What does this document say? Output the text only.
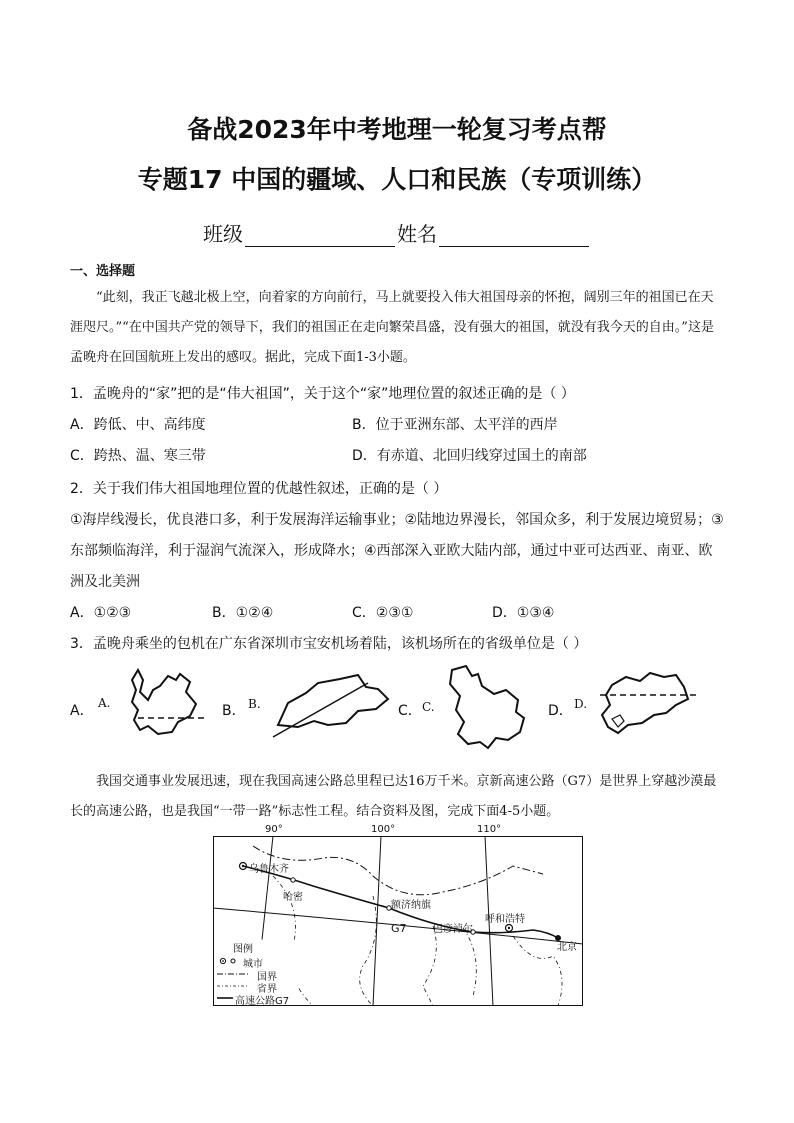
备战2023年中考地理一轮复习考点帮
专题17 中国的疆域、人口和民族（专项训练）
班级	姓名
一、选择题
“此刻，我正飞越北极上空，向着家的方向前行，马上就要投入伟大祖国母亲的怀抱，阔别三年的祖国已在天涯咫尺。”“在中国共产党的领导下，我们的祖国正在走向繁荣昌盛，没有强大的祖国，就没有我今天的自由。”这是孟晚舟在回国航班上发出的感叹。据此，完成下面1-3小题。
1．孟晚舟的“家”把的是“伟大祖国”，关于这个“家”地理位置的叙述正确的是（ ）
A．跨低、中、高纬度	B．位于亚洲东部、太平洋的西岸
C．跨热、温、寒三带	D．有赤道、北回归线穿过国土的南部
2．关于我们伟大祖国地理位置的优越性叙述，正确的是（ ）
①海岸线漫长，优良港口多，利于发展海洋运输事业；②陆地边界漫长，邻国众多，利于发展边境贸易；③
东部频临海洋，利于湿润气流深入，形成降水；④西部深入亚欧大陆内部，通过中亚可达西亚、南亚、欧
洲及北美洲
A．①②③	B．①②④	C．②③①	D．①③④
3．孟晚舟乘坐的包机在广东省深圳市宝安机场着陆，该机场所在的省级单位是（ ）
A． A.	B． B.	C． C.	D． D.
我国交通事业发展迅速，现在我国高速公路总里程已达16万千米。京新高速公路（G7）是世界上穿越沙漠最长的高速公路，也是我国“一带一路”标志性工程。结合资料及图，完成下面4-5小题。
90°	100°	110°
乌鲁木齐
哈密
额济纳旗
巴彦淖尔
呼和浩特
北京
G7
图例
城市
国界
省界
高速公路G7
